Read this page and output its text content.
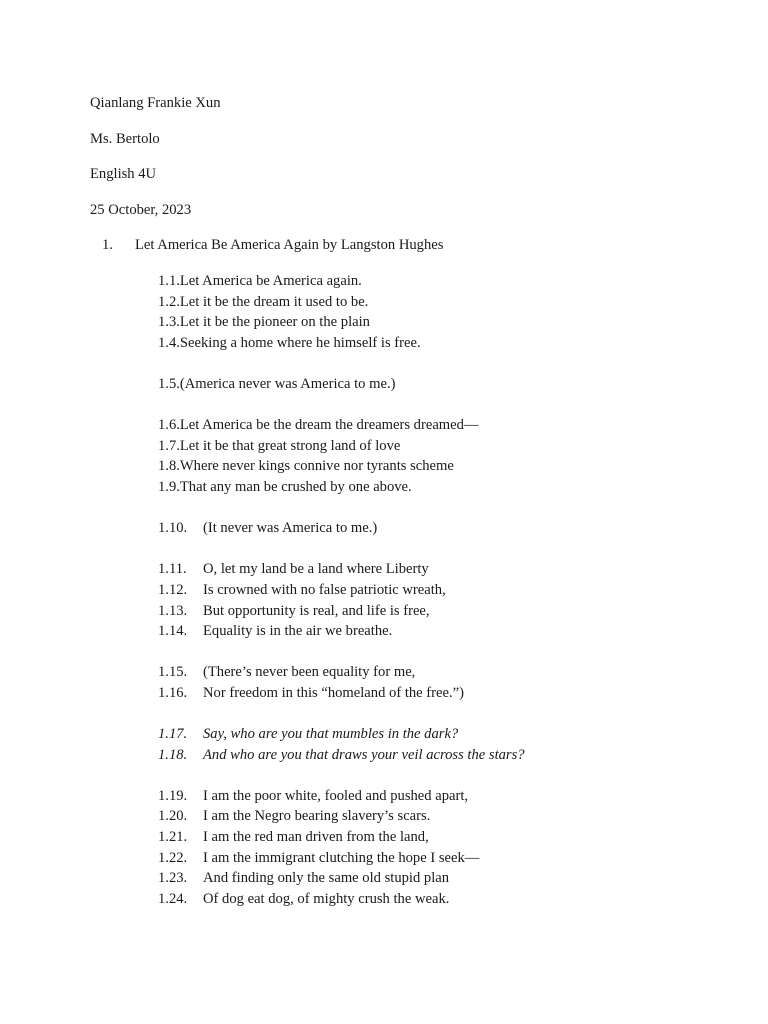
Qianlang Frankie Xun
Ms. Bertolo
English 4U
25 October, 2023
1. Let America Be America Again by Langston Hughes
1.1.Let America be America again.
1.2.Let it be the dream it used to be.
1.3.Let it be the pioneer on the plain
1.4.Seeking a home where he himself is free.
1.5.(America never was America to me.)
1.6.Let America be the dream the dreamers dreamed—
1.7.Let it be that great strong land of love
1.8.Where never kings connive nor tyrants scheme
1.9.That any man be crushed by one above.
1.10. (It never was America to me.)
1.11. O, let my land be a land where Liberty
1.12. Is crowned with no false patriotic wreath,
1.13. But opportunity is real, and life is free,
1.14. Equality is in the air we breathe.
1.15. (There’s never been equality for me,
1.16. Nor freedom in this “homeland of the free.”)
1.17. Say, who are you that mumbles in the dark?
1.18. And who are you that draws your veil across the stars?
1.19. I am the poor white, fooled and pushed apart,
1.20. I am the Negro bearing slavery’s scars.
1.21. I am the red man driven from the land,
1.22. I am the immigrant clutching the hope I seek—
1.23. And finding only the same old stupid plan
1.24. Of dog eat dog, of mighty crush the weak.
